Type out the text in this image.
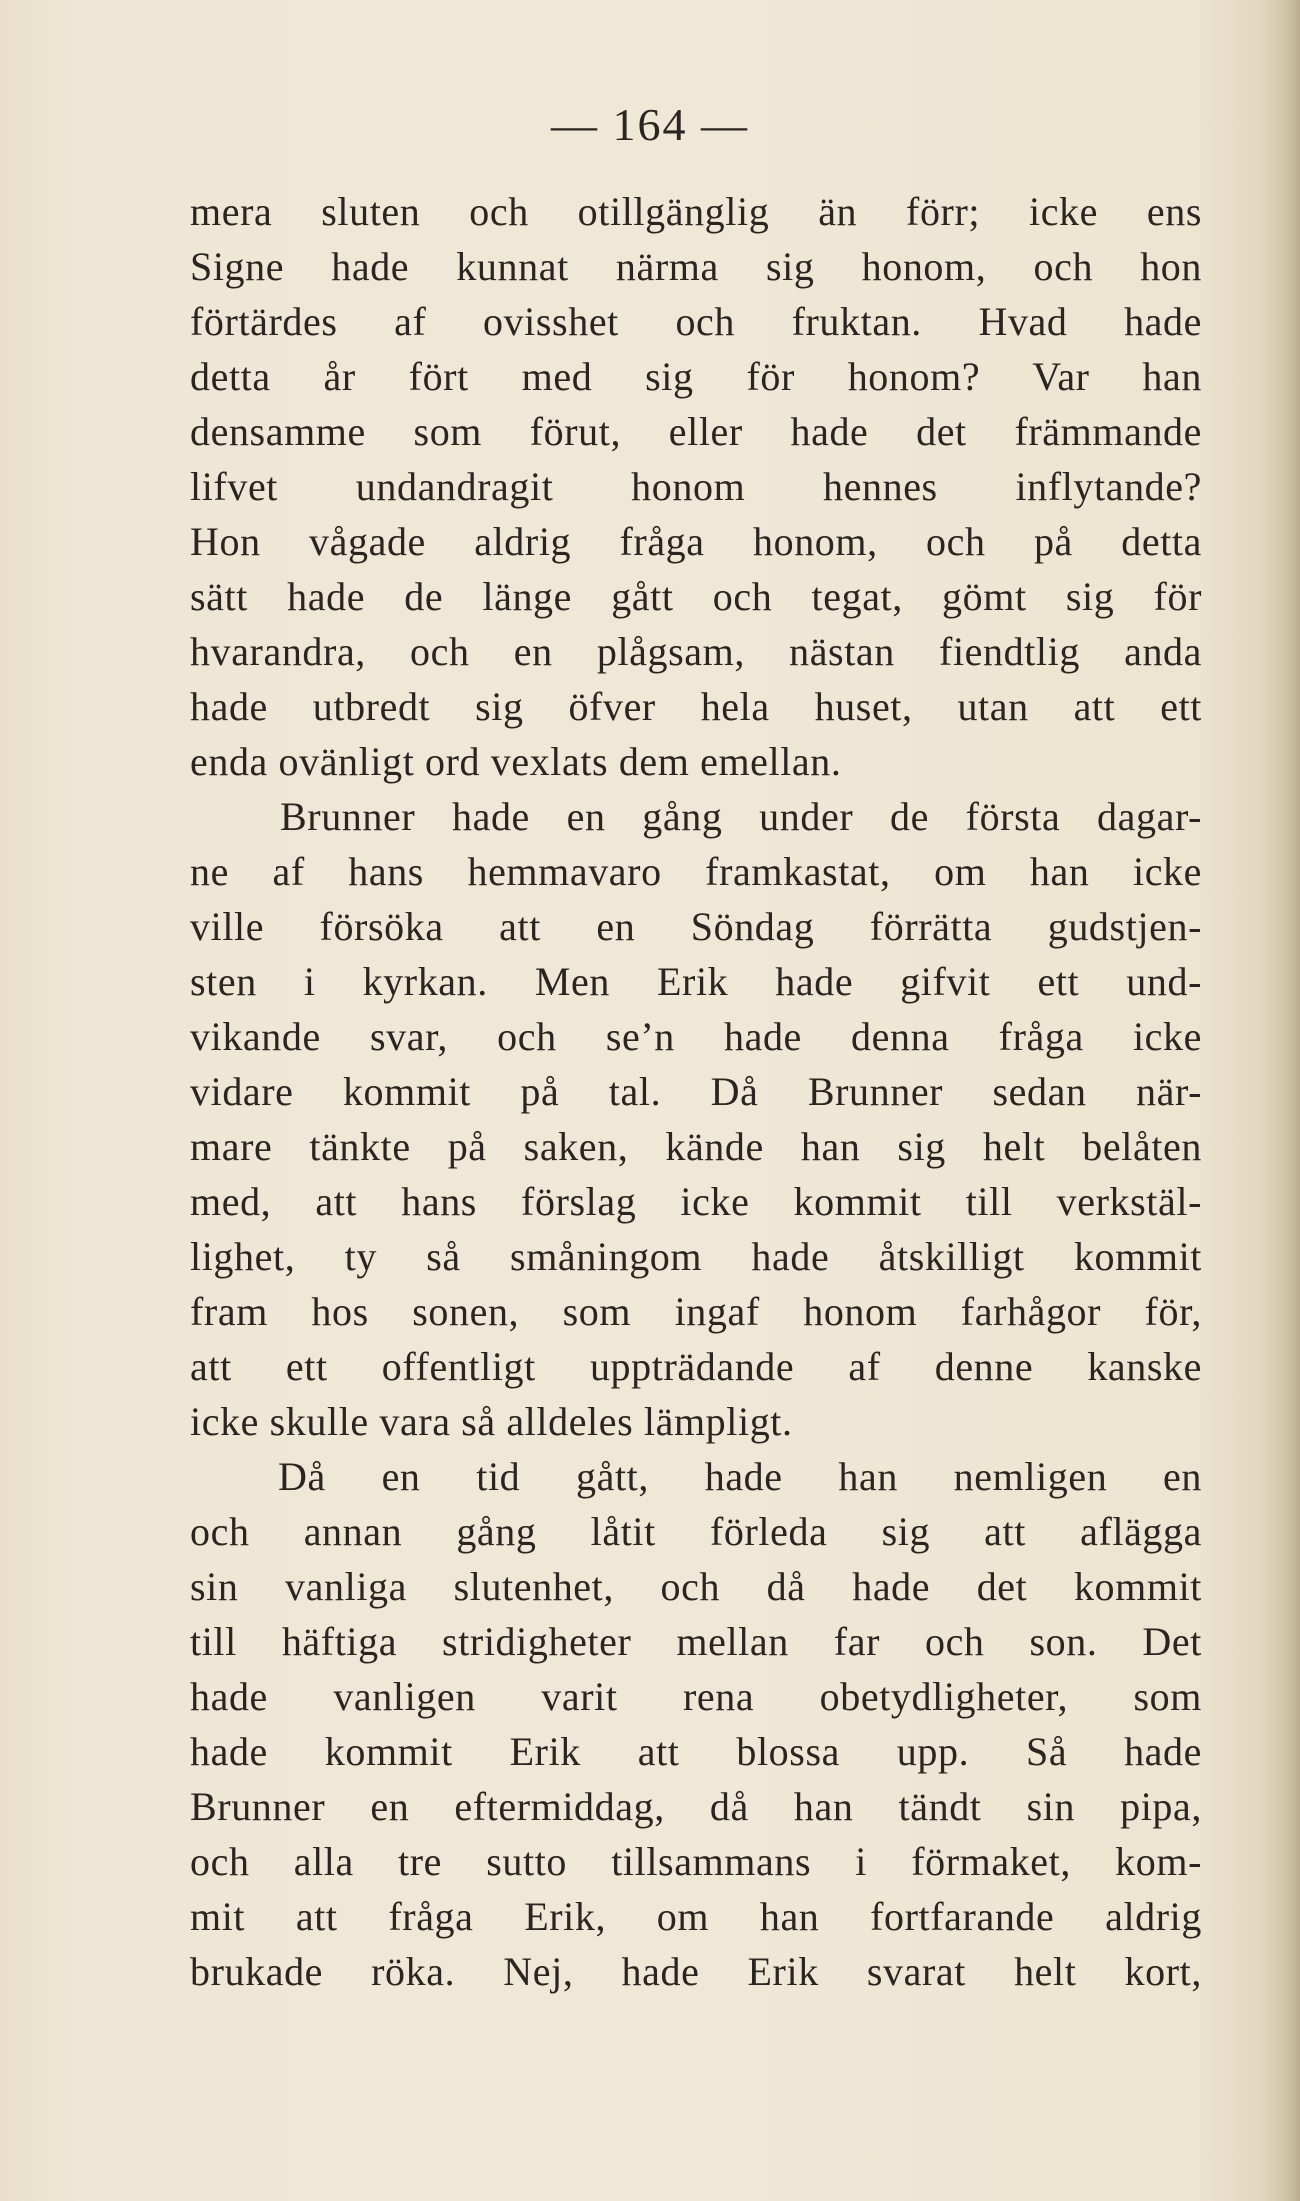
— 164 —
mera sluten och otillgänglig än förr; icke ens
Signe hade kunnat närma sig honom, och hon
förtärdes af ovisshet och fruktan. Hvad hade
detta år fört med sig för honom? Var han
densamme som förut, eller hade det främmande
lifvet undandragit honom hennes inflytande?
Hon vågade aldrig fråga honom, och på detta
sätt hade de länge gått och tegat, gömt sig för
hvarandra, och en plågsam, nästan fiendtlig anda
hade utbredt sig öfver hela huset, utan att ett
enda ovänligt ord vexlats dem emellan.
Brunner hade en gång under de första dagar-
ne af hans hemmavaro framkastat, om han icke
ville försöka att en Söndag förrätta gudstjen-
sten i kyrkan. Men Erik hade gifvit ett und-
vikande svar, och se’n hade denna fråga icke
vidare kommit på tal. Då Brunner sedan när-
mare tänkte på saken, kände han sig helt belåten
med, att hans förslag icke kommit till verkstäl-
lighet, ty så småningom hade åtskilligt kommit
fram hos sonen, som ingaf honom farhågor för,
att ett offentligt uppträdande af denne kanske
icke skulle vara så alldeles lämpligt.
Då en tid gått, hade han nemligen en
och annan gång låtit förleda sig att aflägga
sin vanliga slutenhet, och då hade det kommit
till häftiga stridigheter mellan far och son. Det
hade vanligen varit rena obetydligheter, som
hade kommit Erik att blossa upp. Så hade
Brunner en eftermiddag, då han tändt sin pipa,
och alla tre sutto tillsammans i förmaket, kom-
mit att fråga Erik, om han fortfarande aldrig
brukade röka. Nej, hade Erik svarat helt kort,
